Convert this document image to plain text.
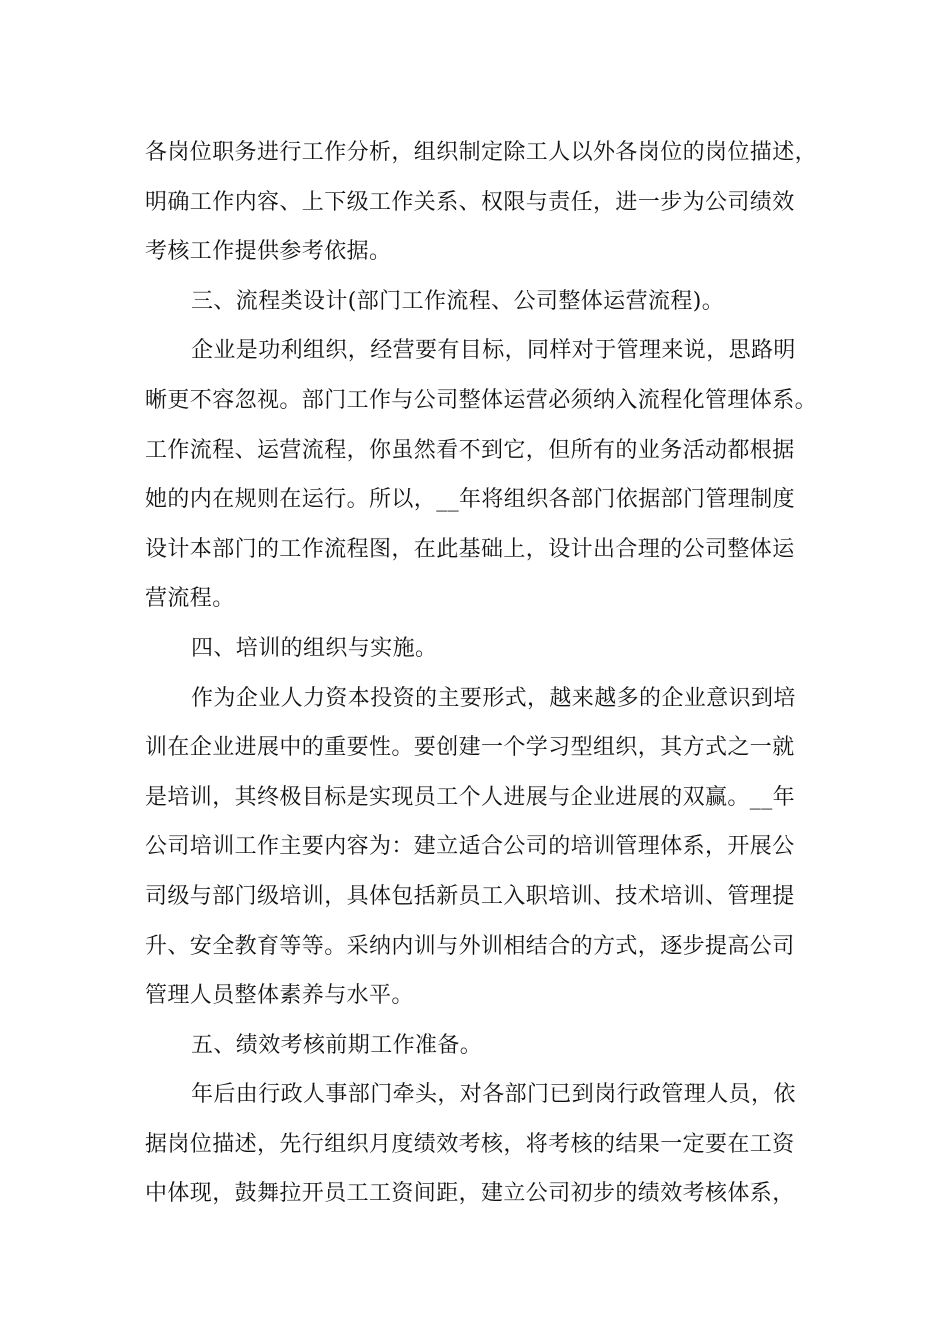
各岗位职务进行工作分析，组织制定除工人以外各岗位的岗位描述，
明确工作内容、上下级工作关系、权限与责任，进一步为公司绩效
考核工作提供参考依据。
三、流程类设计(部门工作流程、公司整体运营流程)。
企业是功利组织，经营要有目标，同样对于管理来说，思路明
晰更不容忽视。部门工作与公司整体运营必须纳入流程化管理体系。
工作流程、运营流程，你虽然看不到它，但所有的业务活动都根据
她的内在规则在运行。所以，__年将组织各部门依据部门管理制度
设计本部门的工作流程图，在此基础上，设计出合理的公司整体运
营流程。
四、培训的组织与实施。
作为企业人力资本投资的主要形式，越来越多的企业意识到培
训在企业进展中的重要性。要创建一个学习型组织，其方式之一就
是培训，其终极目标是实现员工个人进展与企业进展的双赢。__年
公司培训工作主要内容为：建立适合公司的培训管理体系，开展公
司级与部门级培训，具体包括新员工入职培训、技术培训、管理提
升、安全教育等等。采纳内训与外训相结合的方式，逐步提高公司
管理人员整体素养与水平。
五、绩效考核前期工作准备。
年后由行政人事部门牵头，对各部门已到岗行政管理人员，依
据岗位描述，先行组织月度绩效考核，将考核的结果一定要在工资
中体现，鼓舞拉开员工工资间距，建立公司初步的绩效考核体系，
